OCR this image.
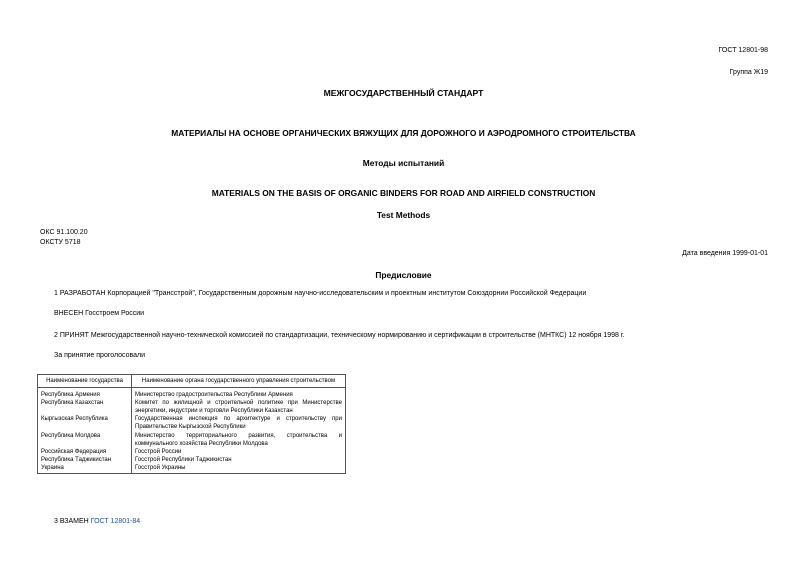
ГОСТ 12801-98
Группа Ж19
МЕЖГОСУДАРСТВЕННЫЙ СТАНДАРТ
МАТЕРИАЛЫ НА ОСНОВЕ ОРГАНИЧЕСКИХ ВЯЖУЩИХ ДЛЯ ДОРОЖНОГО И АЭРОДРОМНОГО СТРОИТЕЛЬСТВА
Методы испытаний
MATERIALS ON THE BASIS OF ORGANIC BINDERS FOR ROAD AND AIRFIELD CONSTRUCTION
Test Methods
ОКС 91.100.20
ОКСТУ 5718
Дата введения 1999-01-01
Предисловие
1 РАЗРАБОТАН Корпорацией "Трансстрой", Государственным дорожным научно-исследовательским и проектным институтом Союздорнии Российской Федерации
ВНЕСЕН Госстроем России
2 ПРИНЯТ Межгосударственной научно-технической комиссией по стандартизации, техническому нормированию и сертификации в строительстве (МНТКС) 12 ноября 1998 г.
За принятие проголосовали
Наименование государства	Наименование органа государственного управления строительством
Республика Армения	Министерство градостроительства Республики Армения
Республика Казахстан	Комитет по жилищной и строительной политике при Министерстве энергетики, индустрии и торговли Республики Казахстан
Кыргызская Республика	Государственная инспекция по архитектуре и строительству при Правительстве Кыргызской Республики
Республика Молдова	Министерство территориального развития, строительства и коммунального хозяйства Республики Молдова
Российская Федерация	Госстрой России
Республика Таджикистан	Госстрой Республики Таджикистан
Украина	Госстрой Украины
3 ВЗАМЕН ГОСТ 12801-84
